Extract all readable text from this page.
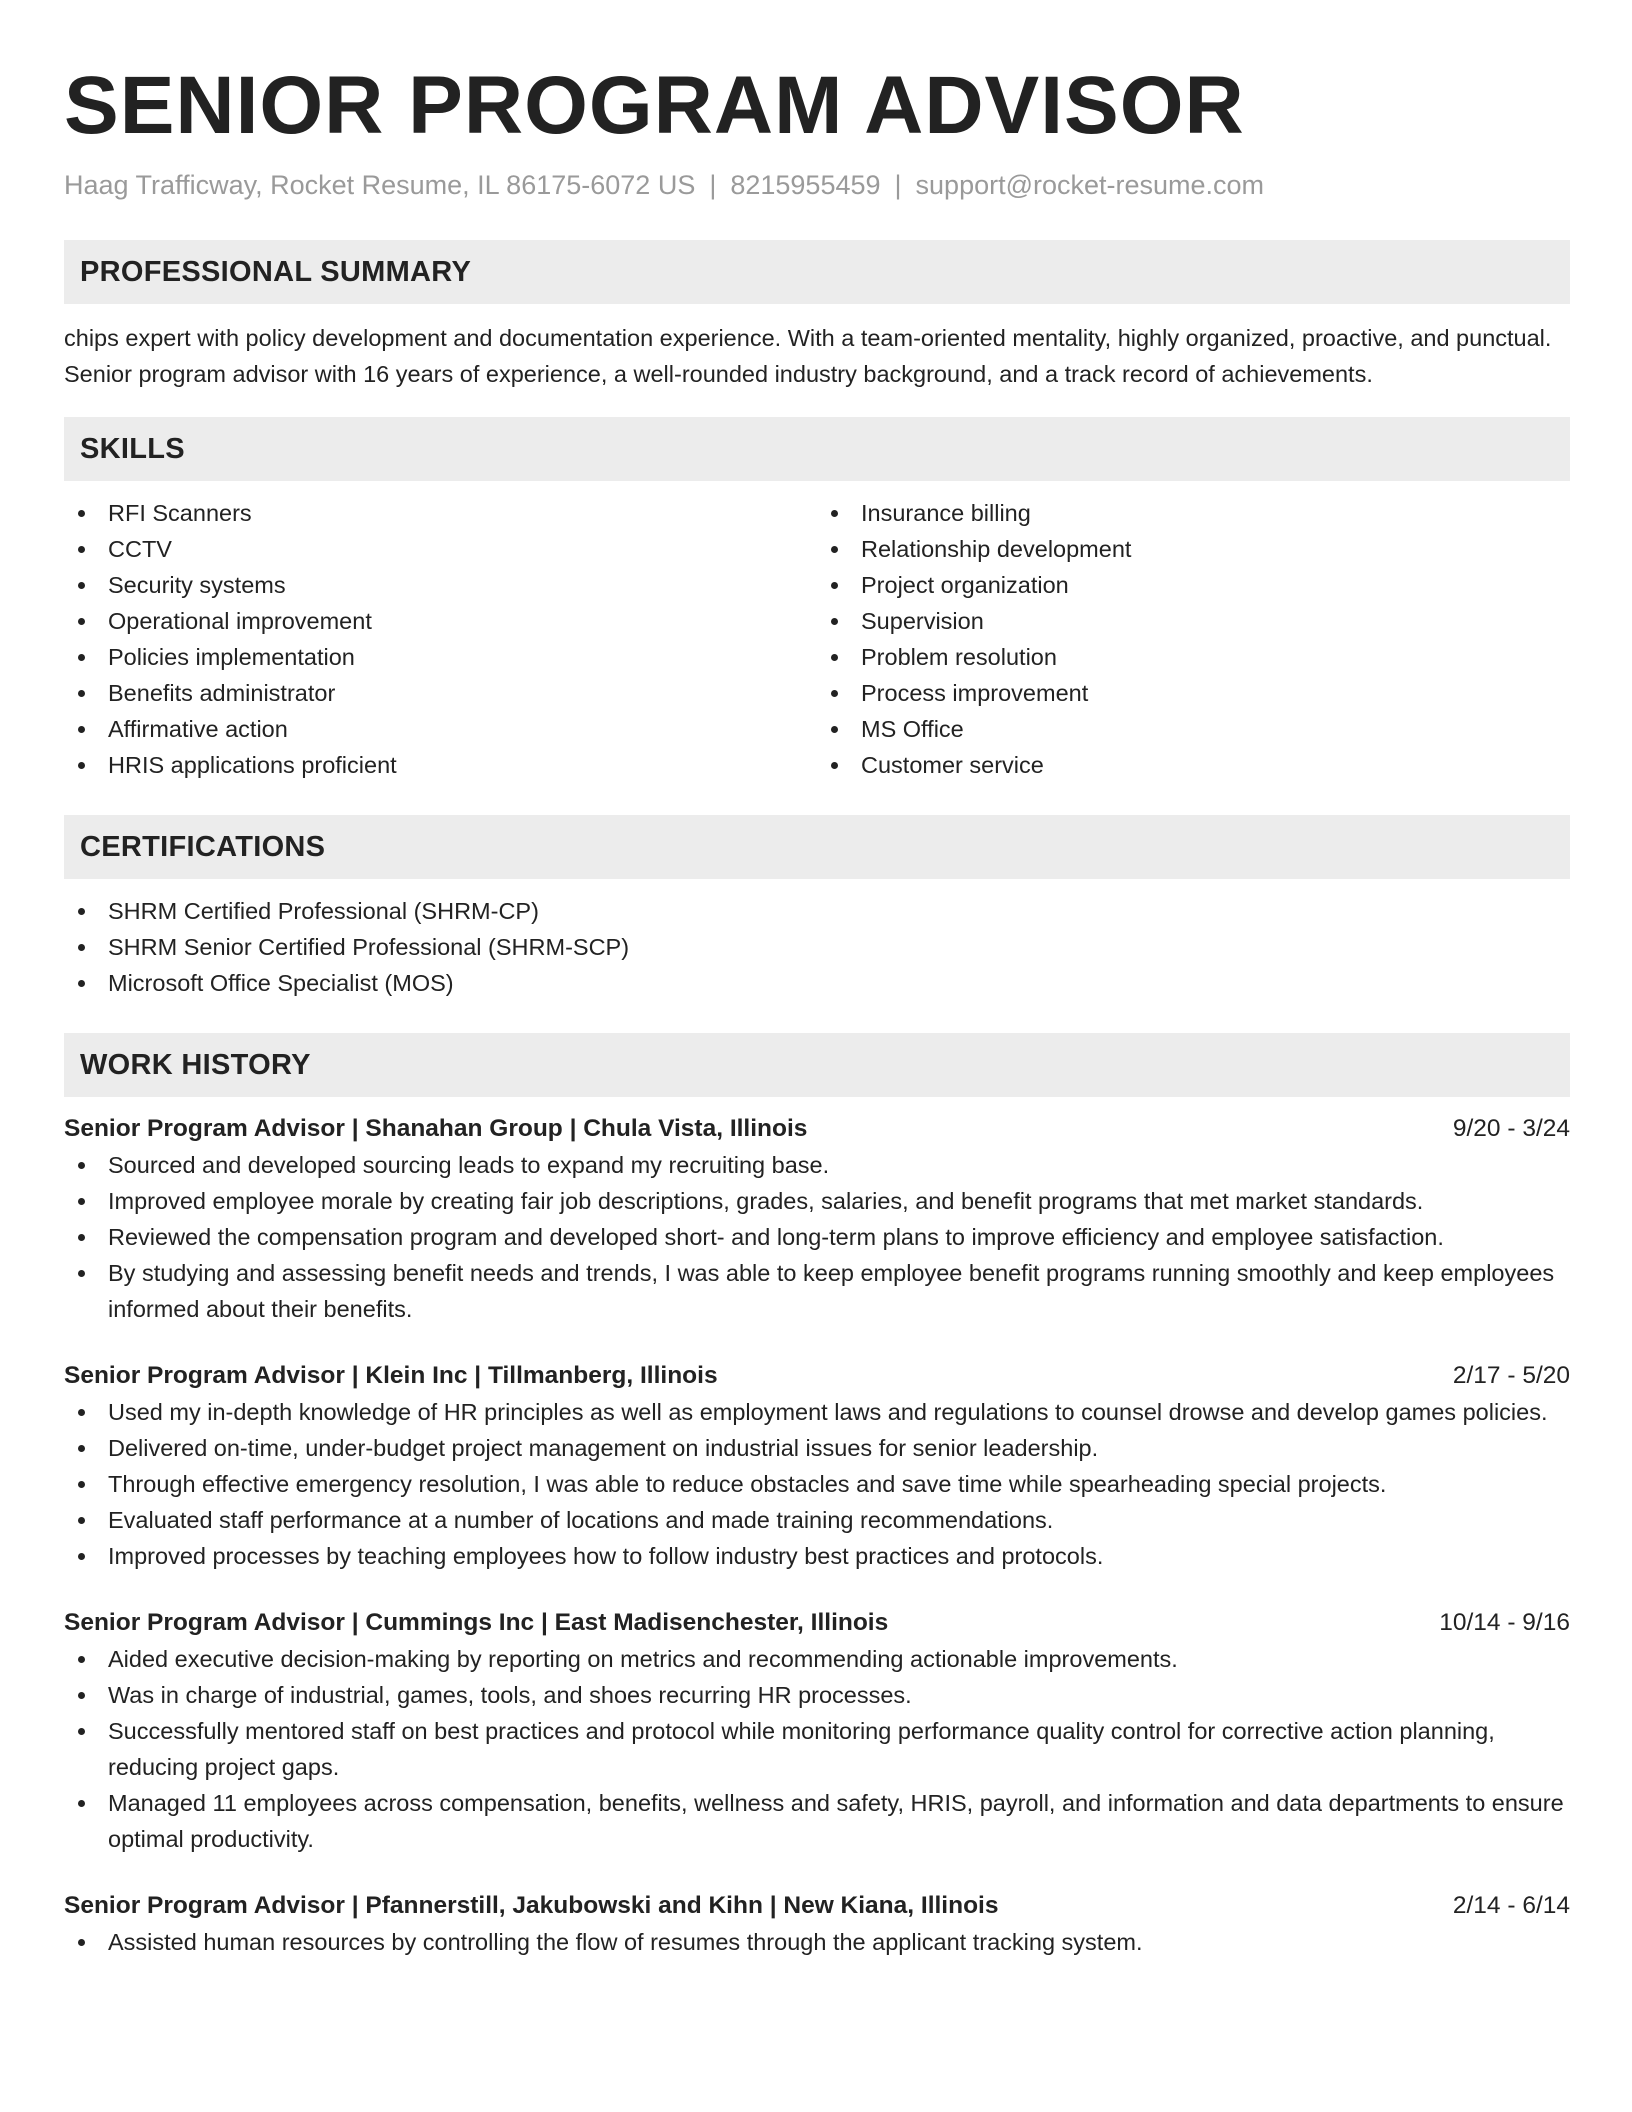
SENIOR PROGRAM ADVISOR
Haag Trafficway, Rocket Resume, IL 86175-6072 US | 8215955459 | support@rocket-resume.com
PROFESSIONAL SUMMARY
chips expert with policy development and documentation experience. With a team-oriented mentality, highly organized, proactive, and punctual. Senior program advisor with 16 years of experience, a well-rounded industry background, and a track record of achievements.
SKILLS
RFI Scanners
CCTV
Security systems
Operational improvement
Policies implementation
Benefits administrator
Affirmative action
HRIS applications proficient
Insurance billing
Relationship development
Project organization
Supervision
Problem resolution
Process improvement
MS Office
Customer service
CERTIFICATIONS
SHRM Certified Professional (SHRM-CP)
SHRM Senior Certified Professional (SHRM-SCP)
Microsoft Office Specialist (MOS)
WORK HISTORY
Senior Program Advisor | Shanahan Group | Chula Vista, Illinois	9/20 - 3/24
Sourced and developed sourcing leads to expand my recruiting base.
Improved employee morale by creating fair job descriptions, grades, salaries, and benefit programs that met market standards.
Reviewed the compensation program and developed short- and long-term plans to improve efficiency and employee satisfaction.
By studying and assessing benefit needs and trends, I was able to keep employee benefit programs running smoothly and keep employees informed about their benefits.
Senior Program Advisor | Klein Inc | Tillmanberg, Illinois	2/17 - 5/20
Used my in-depth knowledge of HR principles as well as employment laws and regulations to counsel drowse and develop games policies.
Delivered on-time, under-budget project management on industrial issues for senior leadership.
Through effective emergency resolution, I was able to reduce obstacles and save time while spearheading special projects.
Evaluated staff performance at a number of locations and made training recommendations.
Improved processes by teaching employees how to follow industry best practices and protocols.
Senior Program Advisor | Cummings Inc | East Madisenchester, Illinois	10/14 - 9/16
Aided executive decision-making by reporting on metrics and recommending actionable improvements.
Was in charge of industrial, games, tools, and shoes recurring HR processes.
Successfully mentored staff on best practices and protocol while monitoring performance quality control for corrective action planning, reducing project gaps.
Managed 11 employees across compensation, benefits, wellness and safety, HRIS, payroll, and information and data departments to ensure optimal productivity.
Senior Program Advisor | Pfannerstill, Jakubowski and Kihn | New Kiana, Illinois	2/14 - 6/14
Assisted human resources by controlling the flow of resumes through the applicant tracking system.
